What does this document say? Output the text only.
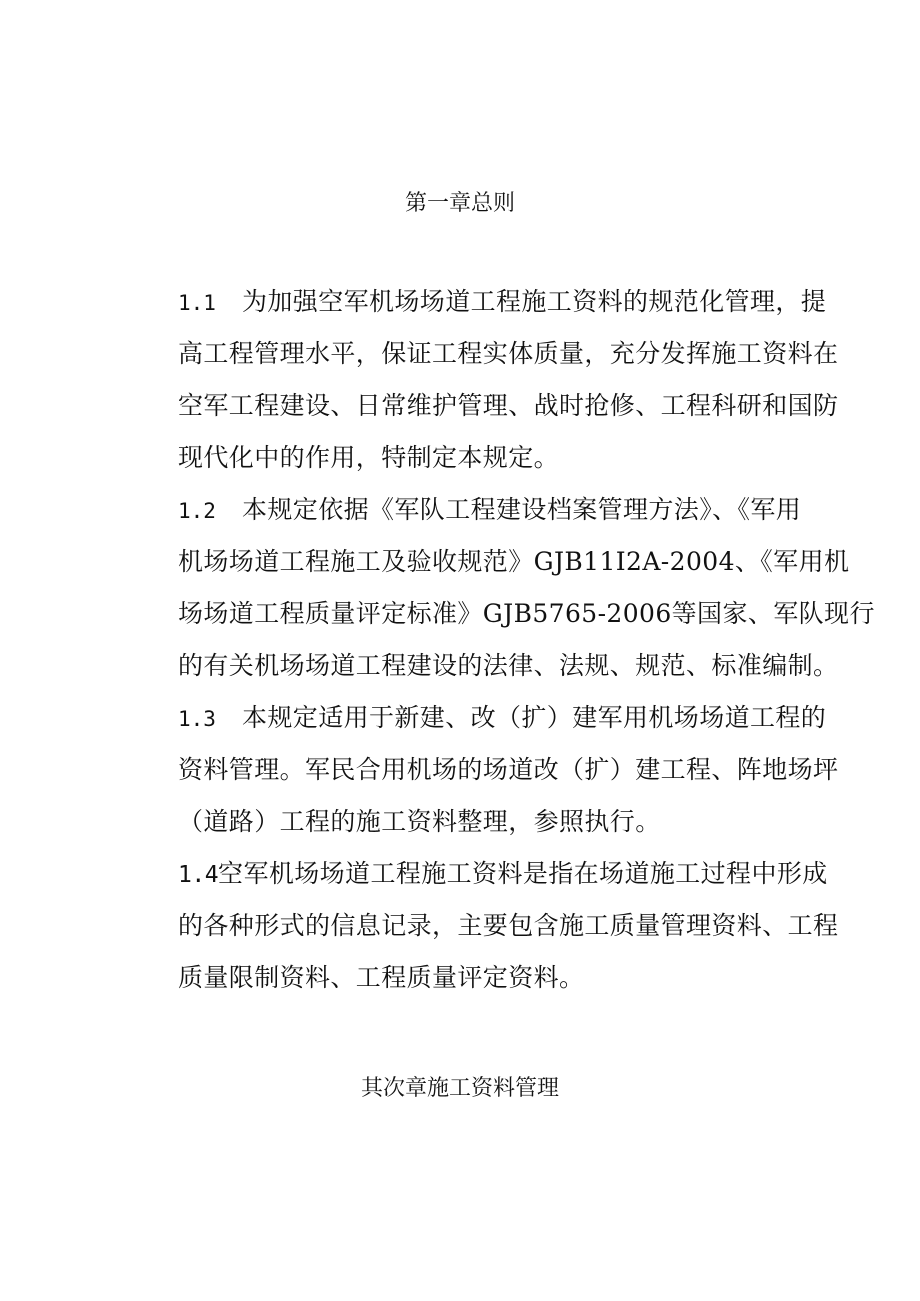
第一章总则
1.1 为加强空军机场场道工程施工资料的规范化管理，提
高工程管理水平，保证工程实体质量，充分发挥施工资料在
空军工程建设、日常维护管理、战时抢修、工程科研和国防
现代化中的作用，特制定本规定。
1.2 本规定依据《军队工程建设档案管理方法》、《军用
机场场道工程施工及验收规范》GJB11I2A-2004、《军用机
场场道工程质量评定标准》GJB5765-2006等国家、军队现行
的有关机场场道工程建设的法律、法规、规范、标准编制。
1.3 本规定适用于新建、改（扩）建军用机场场道工程的
资料管理。军民合用机场的场道改（扩）建工程、阵地场坪
（道路）工程的施工资料整理，参照执行。
1.4空军机场场道工程施工资料是指在场道施工过程中形成
的各种形式的信息记录，主要包含施工质量管理资料、工程
质量限制资料、工程质量评定资料。
其次章施工资料管理
